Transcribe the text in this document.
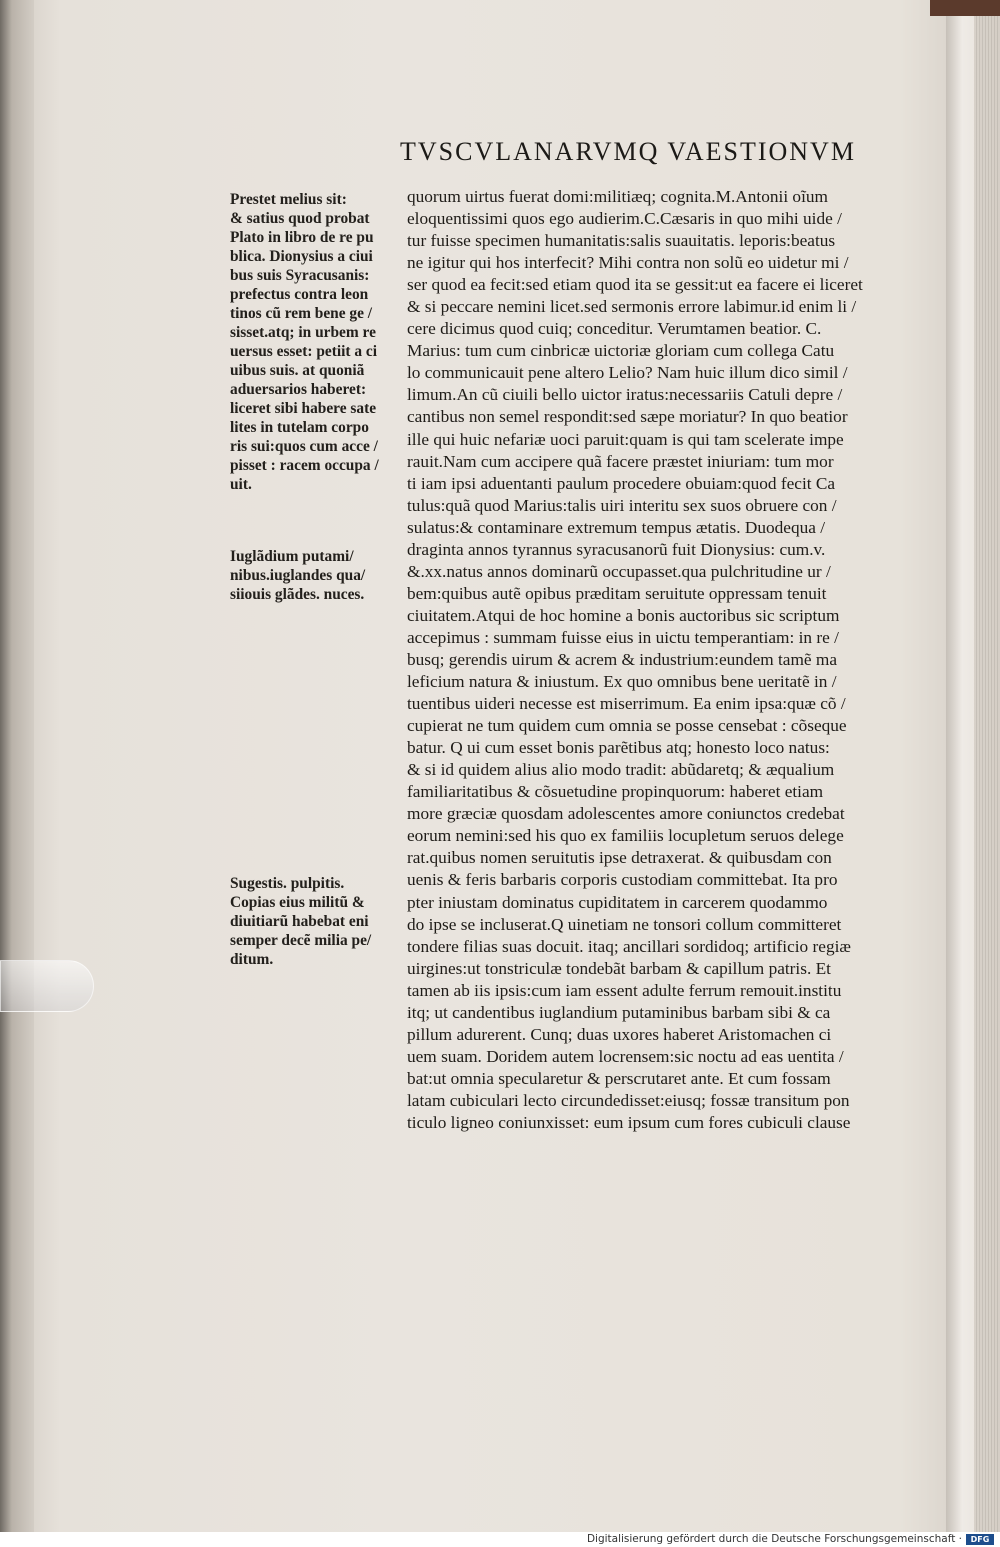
TVSCVLANARVMQ VAESTIONVM
Prestet melius sit:
& satius quod probat
Plato in libro de re pu
blica. Dionysius a ciui
bus suis Syracusanis:
prefectus contra leon
tinos cũ rem bene ge /
sisset.atq; in urbem re
uersus esset: petiit a ci
uibus suis. at quoniã
aduersarios haberet:
liceret sibi habere sate
lites in tutelam corpo
ris sui:quos cum acce /
pisset : racem occupa /
uit.
Iuglãdium putami/
nibus.iuglandes qua/
siiouis glãdes. nuces.
Sugestis. pulpitis.
Copias eius militũ &
diuitiarũ habebat eni
semper decẽ milia pe/
ditum.
quorum uirtus fuerat domi:militiæq; cognita.M.Antonii oĩum
eloquentissimi quos ego audierim.C.Cæsaris in quo mihi uide /
tur fuisse specimen humanitatis:salis suauitatis. leporis:beatus
ne igitur qui hos interfecit? Mihi contra non solũ eo uidetur mi /
ser quod ea fecit:sed etiam quod ita se gessit:ut ea facere ei liceret
& si peccare nemini licet.sed sermonis errore labimur.id enim li /
cere dicimus quod cuiq; conceditur. Verumtamen beatior. C.
Marius: tum cum cinbricæ uictoriæ gloriam cum collega Catu
lo communicauit pene altero Lelio? Nam huic illum dico simil /
limum.An cũ ciuili bello uictor iratus:necessariis Catuli depre /
cantibus non semel respondit:sed sæpe moriatur? In quo beatior
ille qui huic nefariæ uoci paruit:quam is qui tam scelerate impe
rauit.Nam cum accipere quã facere præstet iniuriam: tum mor
ti iam ipsi aduentanti paulum procedere obuiam:quod fecit Ca
tulus:quã quod Marius:talis uiri interitu sex suos obruere con /
sulatus:& contaminare extremum tempus ætatis. Duodequa /
draginta annos tyrannus syracusanorũ fuit Dionysius: cum.v.
&.xx.natus annos dominarũ occupasset.qua pulchritudine ur /
bem:quibus autẽ opibus præditam seruitute oppressam tenuit
ciuitatem.Atqui de hoc homine a bonis auctoribus sic scriptum
accepimus : summam fuisse eius in uictu temperantiam: in re /
busq; gerendis uirum & acrem & industrium:eundem tamẽ ma
leficium natura & iniustum. Ex quo omnibus bene ueritatẽ in /
tuentibus uideri necesse est miserrimum. Ea enim ipsa:quæ cõ /
cupierat ne tum quidem cum omnia se posse censebat : cõseque
batur. Q ui cum esset bonis parẽtibus atq; honesto loco natus:
& si id quidem alius alio modo tradit: abũdaretq; & æqualium
familiaritatibus & cõsuetudine propinquorum: haberet etiam
more græciæ quosdam adolescentes amore coniunctos credebat
eorum nemini:sed his quo ex familiis locupletum seruos delege
rat.quibus nomen seruitutis ipse detraxerat. & quibusdam con
uenis & feris barbaris corporis custodiam committebat. Ita pro
pter iniustam dominatus cupiditatem in carcerem quodammo
do ipse se incluserat.Q uinetiam ne tonsori collum committeret
tondere filias suas docuit. itaq; ancillari sordidoq; artificio regiæ
uirgines:ut tonstriculæ tondebãt barbam & capillum patris. Et
tamen ab iis ipsis:cum iam essent adulte ferrum remouit.institu
itq; ut candentibus iuglandium putaminibus barbam sibi & ca
pillum adurerent. Cunq; duas uxores haberet Aristomachen ci
uem suam. Doridem autem locrensem:sic noctu ad eas uentita /
bat:ut omnia specularetur & perscrutaret ante. Et cum fossam
latam cubiculari lecto circundedisset:eiusq; fossæ transitum pon
ticulo ligneo coniunxisset: eum ipsum cum fores cubiculi clause
Digitalisierung gefördert durch die Deutsche Forschungsgemeinschaft ·	DFG
